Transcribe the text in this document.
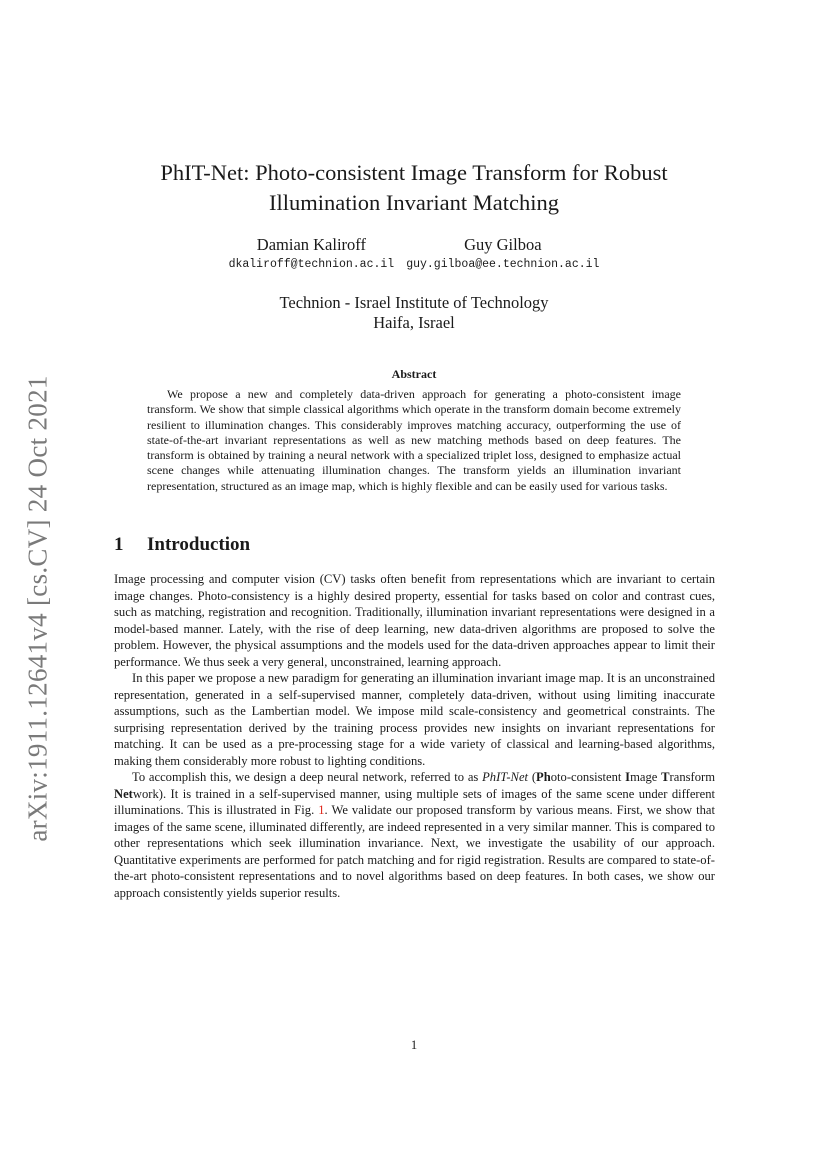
arXiv:1911.12641v4 [cs.CV] 24 Oct 2021
PhIT-Net: Photo-consistent Image Transform for Robust
Illumination Invariant Matching
Damian Kaliroff
dkaliroff@technion.ac.il
Guy Gilboa
guy.gilboa@ee.technion.ac.il
Technion - Israel Institute of Technology
Haifa, Israel
Abstract

We propose a new and completely data-driven approach for generating a photo-consistent image transform. We show that simple classical algorithms which operate in the transform domain become extremely resilient to illumination changes. This considerably improves matching accuracy, outperforming the use of state-of-the-art invariant representations as well as new matching methods based on deep features. The transform is obtained by training a neural network with a specialized triplet loss, designed to emphasize actual scene changes while attenuating illumination changes. The transform yields an illumination invariant representation, structured as an image map, which is highly flexible and can be easily used for various tasks.

1 Introduction

Image processing and computer vision (CV) tasks often benefit from representations which are invariant to certain image changes. Photo-consistency is a highly desired property, essential for tasks based on color and contrast cues, such as matching, registration and recognition. Traditionally, illumination invariant representations were designed in a model-based manner. Lately, with the rise of deep learning, new data-driven algorithms are proposed to solve the problem. However, the physical assumptions and the models used for the data-driven approaches appear to limit their performance. We thus seek a very general, unconstrained, learning approach.

In this paper we propose a new paradigm for generating an illumination invariant image map. It is an unconstrained representation, generated in a self-supervised manner, completely data-driven, without using limiting inaccurate assumptions, such as the Lambertian model. We impose mild scale-consistency and geometrical constraints. The surprising representation derived by the training process provides new insights on invariant representations for matching. It can be used as a pre-processing stage for a wide variety of classical and learning-based algorithms, making them considerably more robust to lighting conditions.

To accomplish this, we design a deep neural network, referred to as PhIT-Net (Photo-consistent Image Transform Network). It is trained in a self-supervised manner, using multiple sets of images of the same scene under different illuminations. This is illustrated in Fig. 1. We validate our proposed transform by various means. First, we show that images of the same scene, illuminated differently, are indeed represented in a very similar manner. This is compared to other representations which seek illumination invariance. Next, we investigate the usability of our approach. Quantitative experiments are performed for patch matching and for rigid registration. Results are compared to state-of-the-art photo-consistent representations and to novel algorithms based on deep features. In both cases, we show our approach consistently yields superior results.

1
